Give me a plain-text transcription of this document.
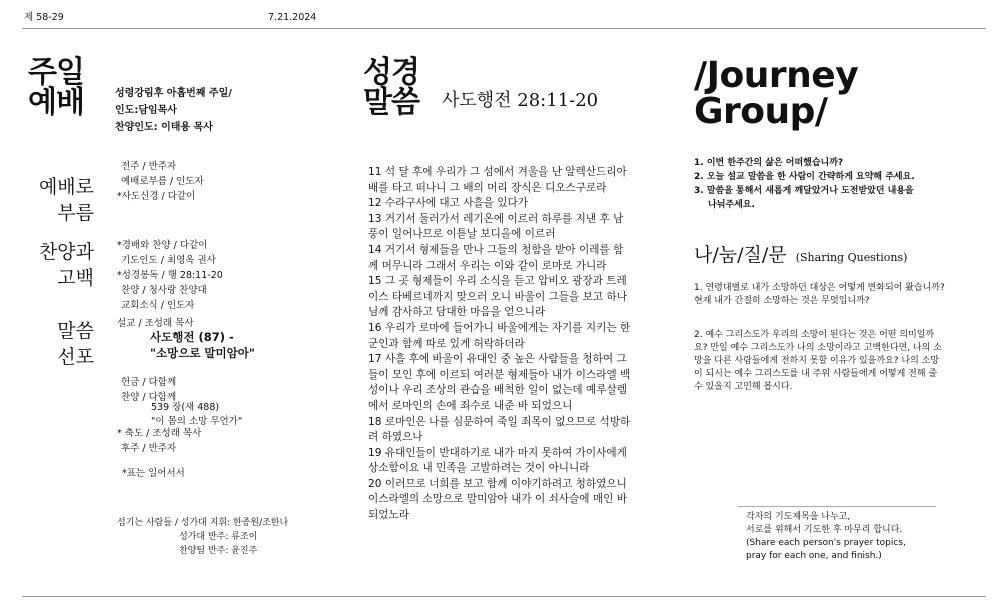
제 58-29	7.21.2024
주일
예배	성령강림후 아홉번째 주일/
인도:담임목사
찬양인도: 이태용 목사
예배로
부름
전주 / 반주자
예배로부름 / 인도자
*사도신경 / 다같이
찬양과
고백
*경배와 찬양 / 다같이
기도인도 / 최영옥 권사
*성경봉독 / 행 28:11-20
찬양 / 청사랑 찬양대
교회소식 / 인도자
말씀
선포
설교 / 조성래 목사
사도행전 (87) -
"소망으로 말미암아"
헌금 / 다함께
찬양 / 다함께
539 장(새 488)
"이 몸의 소망 무언가"
* 축도 / 조성래 목사
후주 / 반주자
*표는 일어서서
섬기는 사람들 / 성가대 지휘: 한종원/조한나
성가대 반주: 류조이
찬양팀 반주: 윤진주
성경
말씀 사도행전 28:11-20
11 석 달 후에 우리가 그 섬에서 겨울을 난 알렉산드리아
배를 타고 떠나니 그 배의 머리 장식은 디오스구로라
12 수라구사에 대고 사흘을 있다가
13 거기서 둘러가서 레기온에 이르러 하루를 지낸 후 남
풍이 일어나므로 이튿날 보디올에 이르러
14 거기서 형제들을 만나 그들의 청함을 받아 이레를 함
께 머무니라 그래서 우리는 이와 같이 로마로 가니라
15 그 곳 형제들이 우리 소식을 듣고 압비오 광장과 트레
이스 타베르네까지 맞으러 오니 바울이 그들을 보고 하나
님께 감사하고 담대한 마음을 얻으니라
16 우리가 로마에 들어가니 바울에게는 자기를 지키는 한
군인과 함께 따로 있게 허락하더라
17 사흘 후에 바울이 유대인 중 높은 사람들을 청하여 그
들이 모인 후에 이르되 여러분 형제들아 내가 이스라엘 백
성이나 우리 조상의 관습을 배척한 일이 없는데 예루살렘
에서 로마인의 손에 죄수로 내준 바 되었으니
18 로마인은 나를 심문하여 죽일 죄목이 없으므로 석방하
려 하였으나
19 유대인들이 반대하기로 내가 마지 못하여 가이사에게
상소함이요 내 민족을 고발하려는 것이 아니니라
20 이러므로 너희를 보고 함께 이야기하려고 청하였으니
이스라엘의 소망으로 말미암아 내가 이 쇠사슬에 매인 바
되었노라
/Journey
Group/
1. 이번 한주간의 삶은 어떠했습니까?
2. 오늘 설교 말씀을 한 사람이 간략하게 요약해 주세요.
3. 말씀을 통해서 새롭게 깨달았거나 도전받았던 내용을
나눠주세요.
나/눔/질/문 (Sharing Questions)
1. 연령대별로 내가 소망하던 대상은 어떻게 변화되어 왔습니까?
현재 내가 간절히 소망하는 것은 무엇입니까?
2. 예수 그리스도가 우리의 소망이 된다는 것은 어떤 의미일까
요? 만일 예수 그리스도가 나의 소망이라고 고백한다면, 나의 소
망을 다른 사람들에게 전하지 못할 이유가 있을까요? 나의 소망
이 되시는 예수 그리스도를 내 주위 사람들에게 어떻게 전해 줄
수 있을지 고민해 봅시다.
각자의 기도제목을 나누고,
서로를 위해서 기도한 후 마무리 합니다.
(Share each person's prayer topics,
pray for each one, and finish.)
